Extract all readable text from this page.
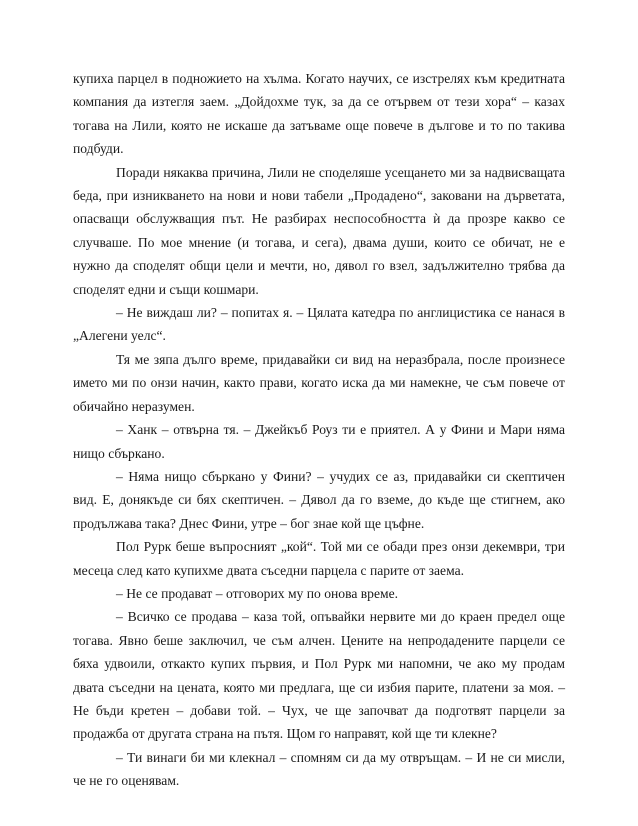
купиха парцел в подножието на хълма. Когато научих, се изстрелях към кредитната компания да изтегля заем. „Дойдохме тук, за да се отървем от тези хора“ – казах тогава на Лили, която не искаше да затъваме още повече в дългове и то по такива подбуди.

Поради някаква причина, Лили не споделяше усещането ми за надвисващата беда, при изникването на нови и нови табели „Продадено“, заковани на дърветата, опасващи обслужващия път. Не разбирах неспособността ѝ да прозре какво се случваше. По мое мнение (и тогава, и сега), двама души, които се обичат, не е нужно да споделят общи цели и мечти, но, дявол го взел, задължително трябва да споделят едни и същи кошмари.

– Не виждаш ли? – попитах я. – Цялата катедра по англицистика се нанася в „Алегени уелс“.

Тя ме зяпа дълго време, придавайки си вид на неразбрала, после произнесе името ми по онзи начин, както прави, когато иска да ми намекне, че съм повече от обичайно неразумен.

– Ханк – отвърна тя. – Джейкъб Роуз ти е приятел. А у Фини и Мари няма нищо сбъркано.

– Няма нищо сбъркано у Фини? – учудих се аз, придавайки си скептичен вид. Е, донякъде си бях скептичен. – Дявол да го вземе, до къде ще стигнем, ако продължава така? Днес Фини, утре – бог знае кой ще цъфне.

Пол Рурк беше въпросният „кой“. Той ми се обади през онзи декември, три месеца след като купихме двата съседни парцела с парите от заема.

– Не се продават – отговорих му по онова време.

– Всичко се продава – каза той, опъвайки нервите ми до краен предел още тогава. Явно беше заключил, че съм алчен. Цените на непродадените парцели се бяха удвоили, откакто купих първия, и Пол Рурк ми напомни, че ако му продам двата съседни на цената, която ми предлага, ще си избия парите, платени за моя. – Не бъди кретен – добави той. – Чух, че ще започват да подготвят парцели за продажба от другата страна на пътя. Щом го направят, кой ще ти клекне?

– Ти винаги би ми клекнал – спомням си да му отвръщам. – И не си мисли, че не го оценявам.
